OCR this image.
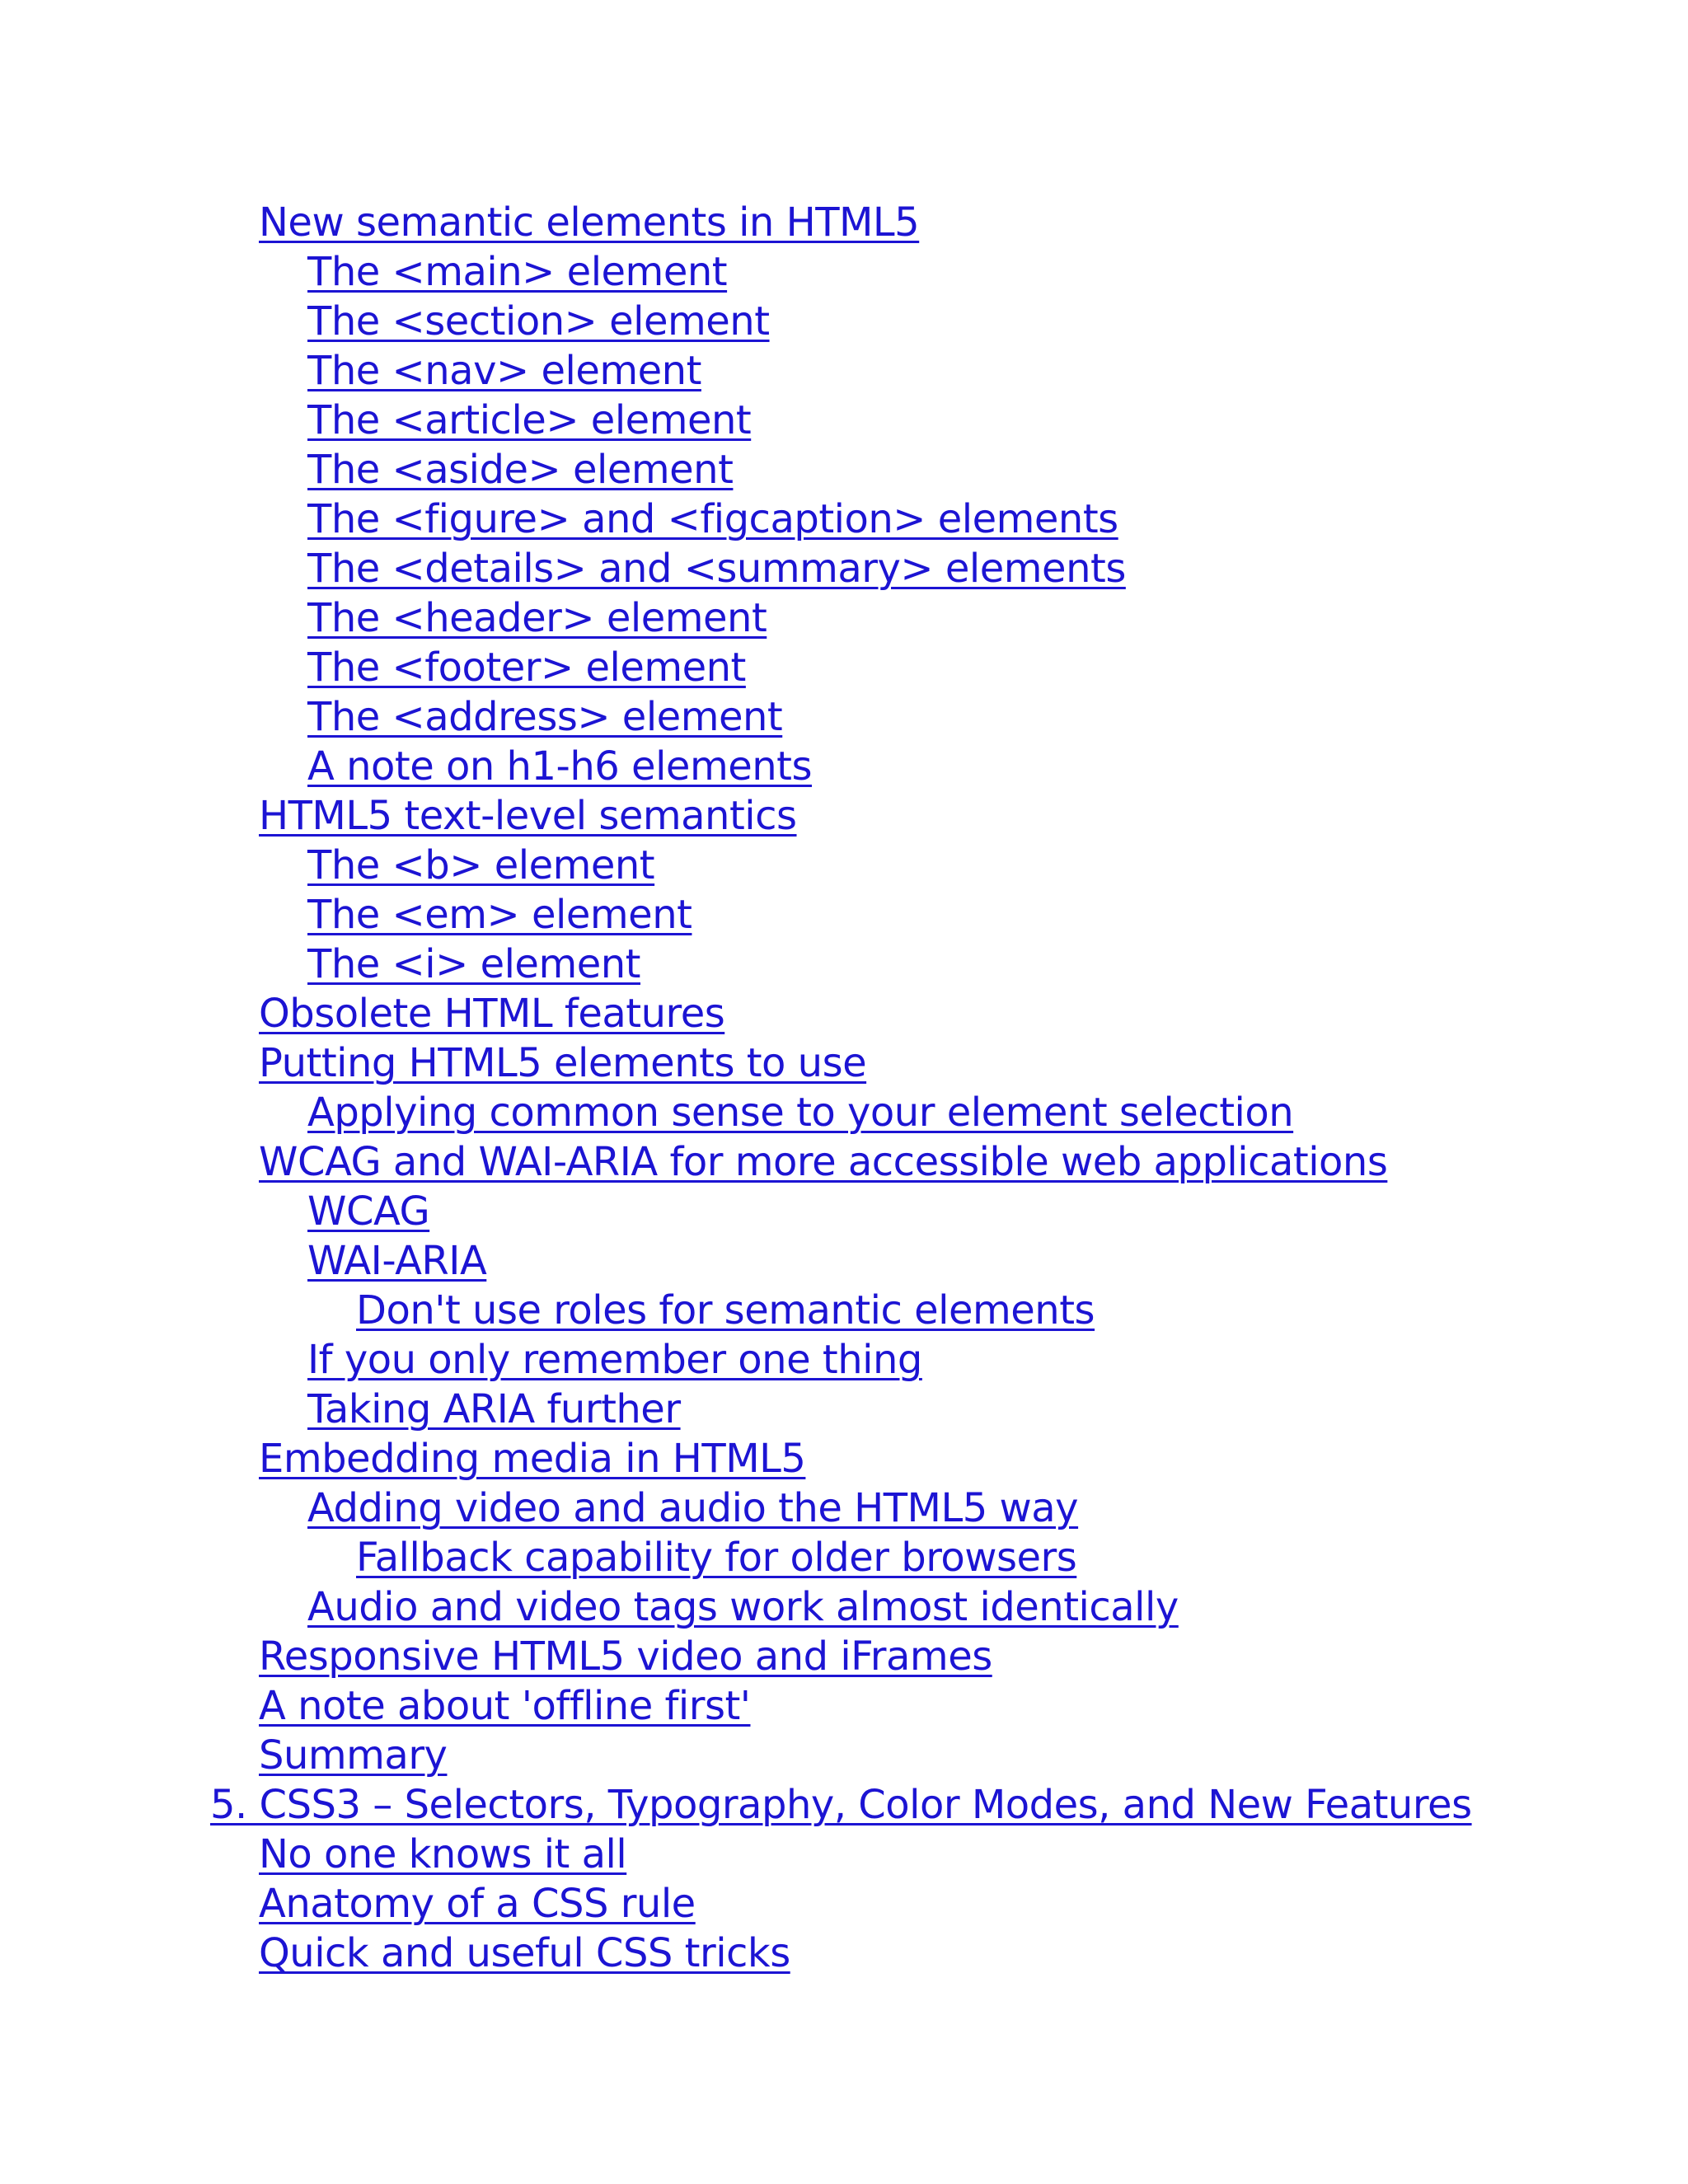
New semantic elements in HTML5
The <main> element
The <section> element
The <nav> element
The <article> element
The <aside> element
The <figure> and <figcaption> elements
The <details> and <summary> elements
The <header> element
The <footer> element
The <address> element
A note on h1-h6 elements
HTML5 text-level semantics
The <b> element
The <em> element
The <i> element
Obsolete HTML features
Putting HTML5 elements to use
Applying common sense to your element selection
WCAG and WAI-ARIA for more accessible web applications
WCAG
WAI-ARIA
Don't use roles for semantic elements
If you only remember one thing
Taking ARIA further
Embedding media in HTML5
Adding video and audio the HTML5 way
Fallback capability for older browsers
Audio and video tags work almost identically
Responsive HTML5 video and iFrames
A note about 'offline first'
Summary
5. CSS3 – Selectors, Typography, Color Modes, and New Features
No one knows it all
Anatomy of a CSS rule
Quick and useful CSS tricks
